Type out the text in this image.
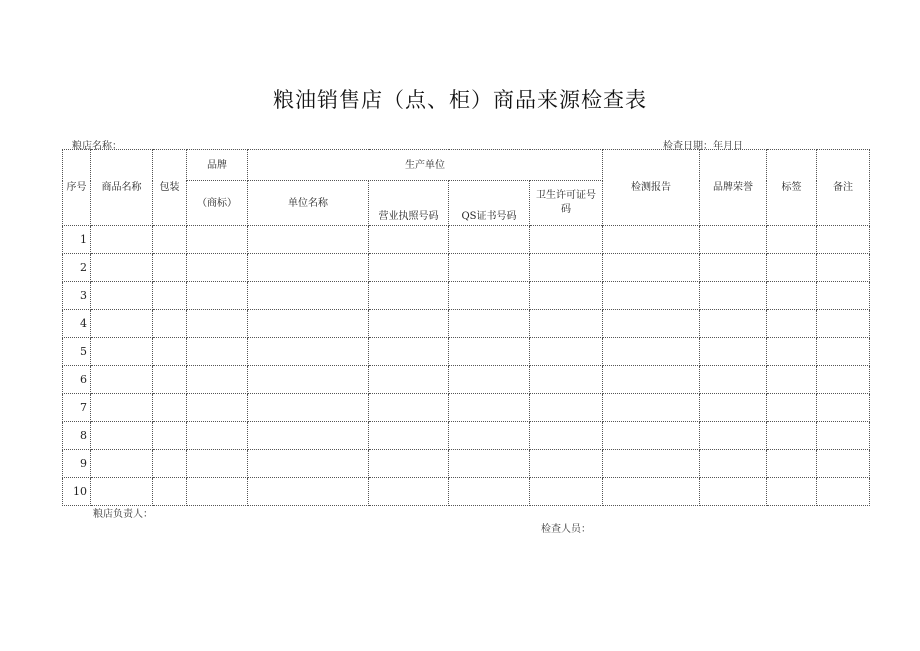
粮油销售店（点、柜）商品来源检查表
粮店名称：	检查日期：年月日
序号	商品名称	包装	品牌	生产单位				检测报告	品牌荣誉	标签	备注
			（商标）	单位名称	营业执照号码	QS证书号码	卫生许可证号码				
1											
2											
3											
4											
5											
6											
7											
8											
9											
10											
粮店负责人：
检查人员：
